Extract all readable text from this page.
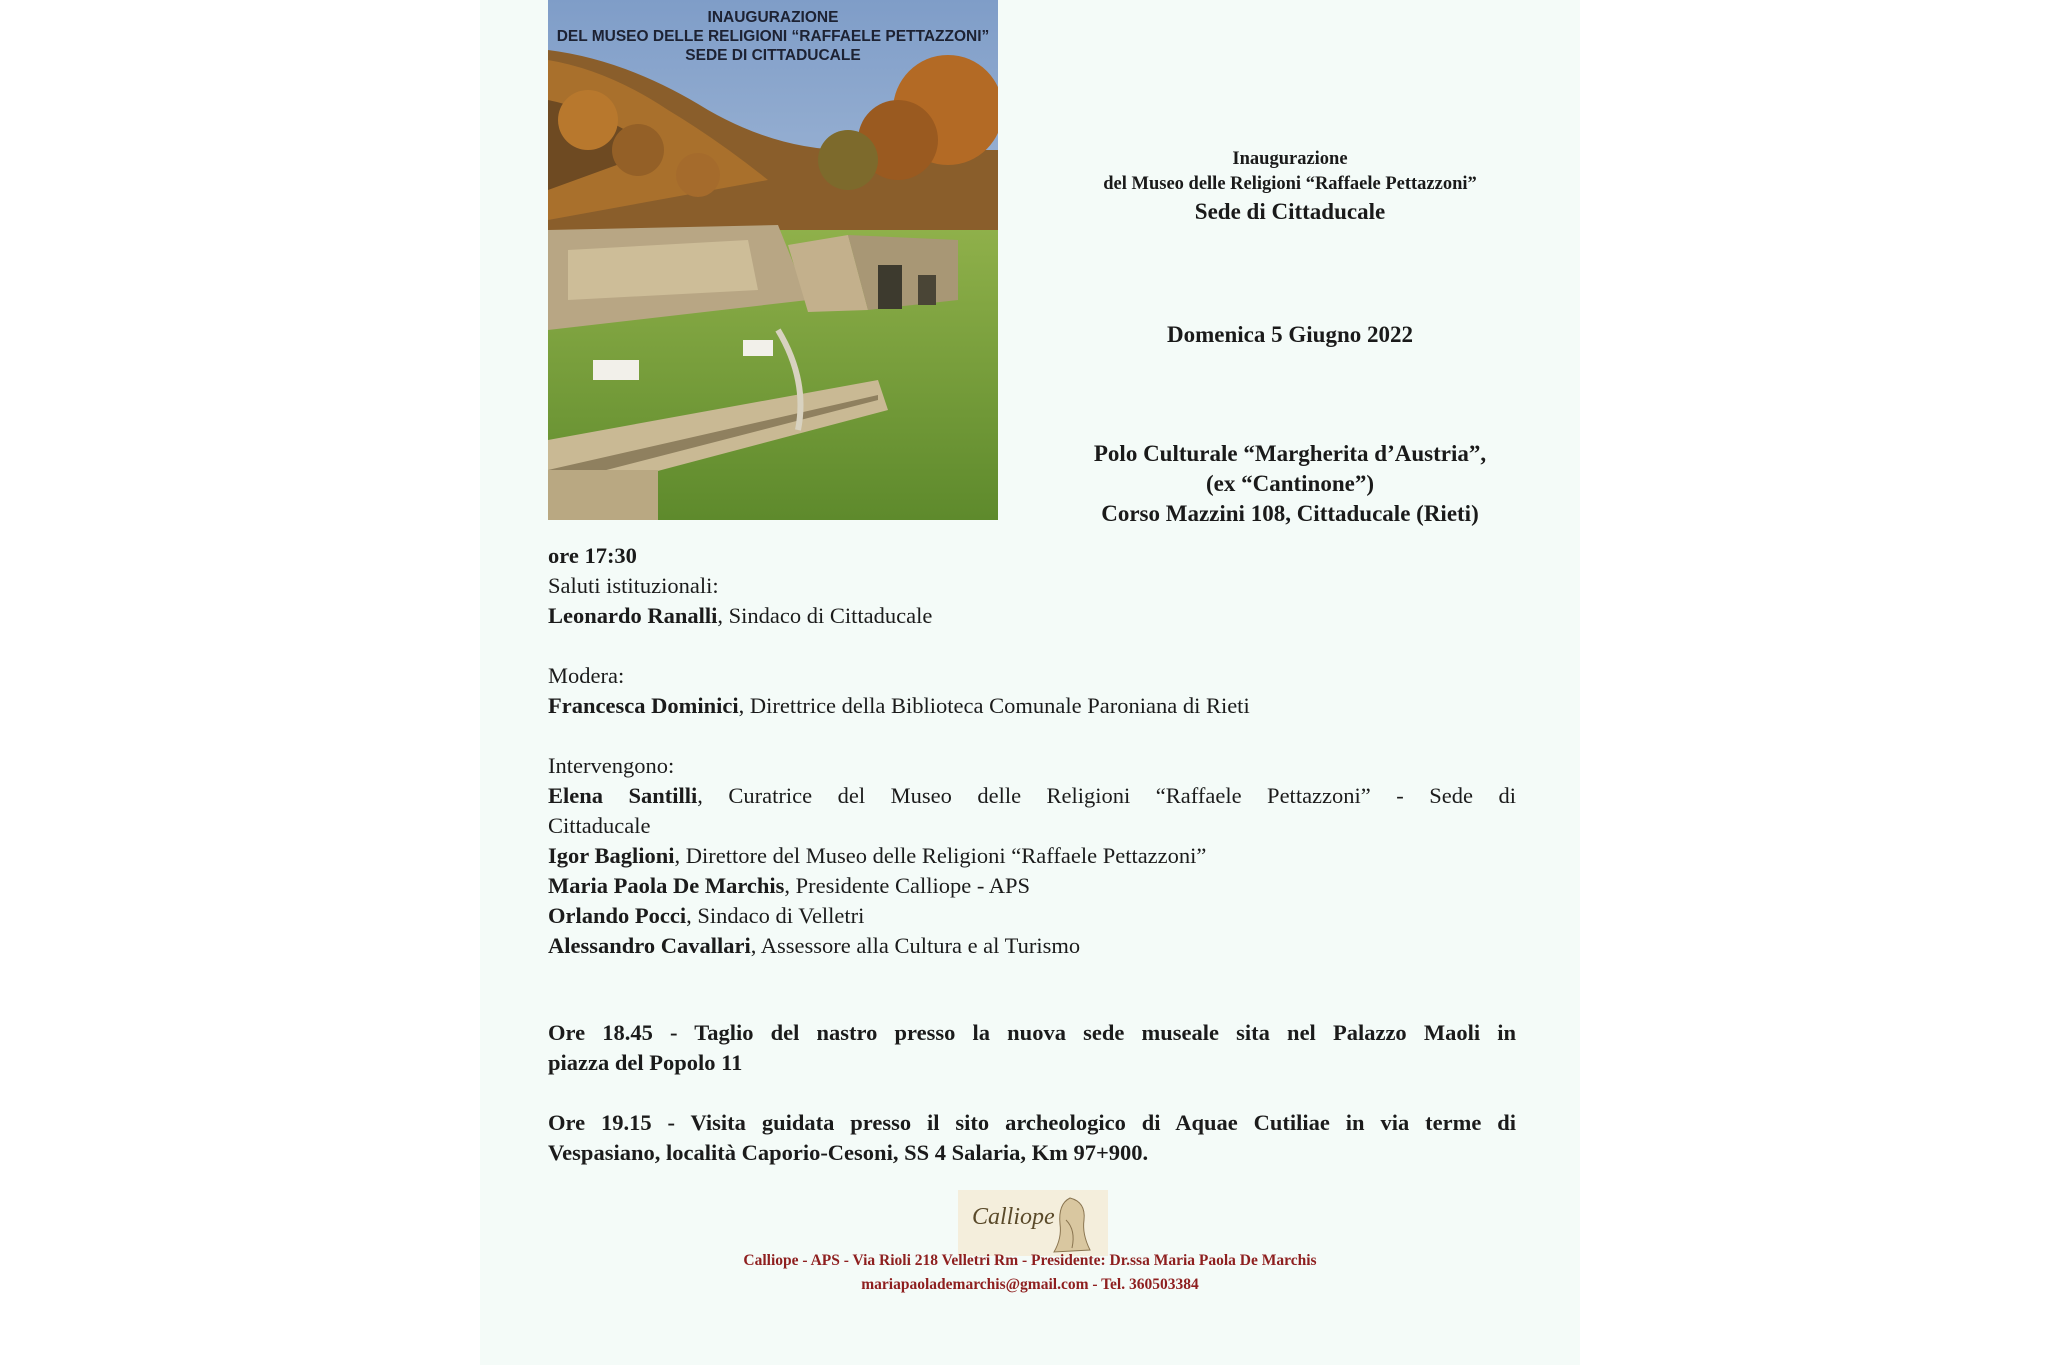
INAUGURAZIONE
DEL MUSEO DELLE RELIGIONI “RAFFAELE PETTAZZONI”
SEDE DI CITTADUCALE
Inaugurazione
del Museo delle Religioni “Raffaele Pettazzoni”
Sede di Cittaducale
Domenica 5 Giugno 2022
Polo Culturale “Margherita d’Austria”,
(ex “Cantinone”)
Corso Mazzini 108, Cittaducale (Rieti)
ore 17:30
Saluti istituzionali:
Leonardo Ranalli, Sindaco di Cittaducale
Modera:
Francesca Dominici, Direttrice della Biblioteca Comunale Paroniana di Rieti
Intervengono:
Elena Santilli, Curatrice del Museo delle Religioni “Raffaele Pettazzoni” - Sede di
Cittaducale
Igor Baglioni, Direttore del Museo delle Religioni “Raffaele Pettazzoni”
Maria Paola De Marchis, Presidente Calliope - APS
Orlando Pocci, Sindaco di Velletri
Alessandro Cavallari, Assessore alla Cultura e al Turismo
Ore 18.45 - Taglio del nastro presso la nuova sede museale sita nel Palazzo Maoli in
piazza del Popolo 11
Ore 19.15 - Visita guidata presso il sito archeologico di Aquae Cutiliae in via terme di
Vespasiano, località Caporio-Cesoni, SS 4 Salaria, Km 97+900.
Calliope
Calliope - APS - Via Rioli 218 Velletri Rm - Presidente: Dr.ssa Maria Paola De Marchis
mariapaolademarchis@gmail.com - Tel. 360503384
